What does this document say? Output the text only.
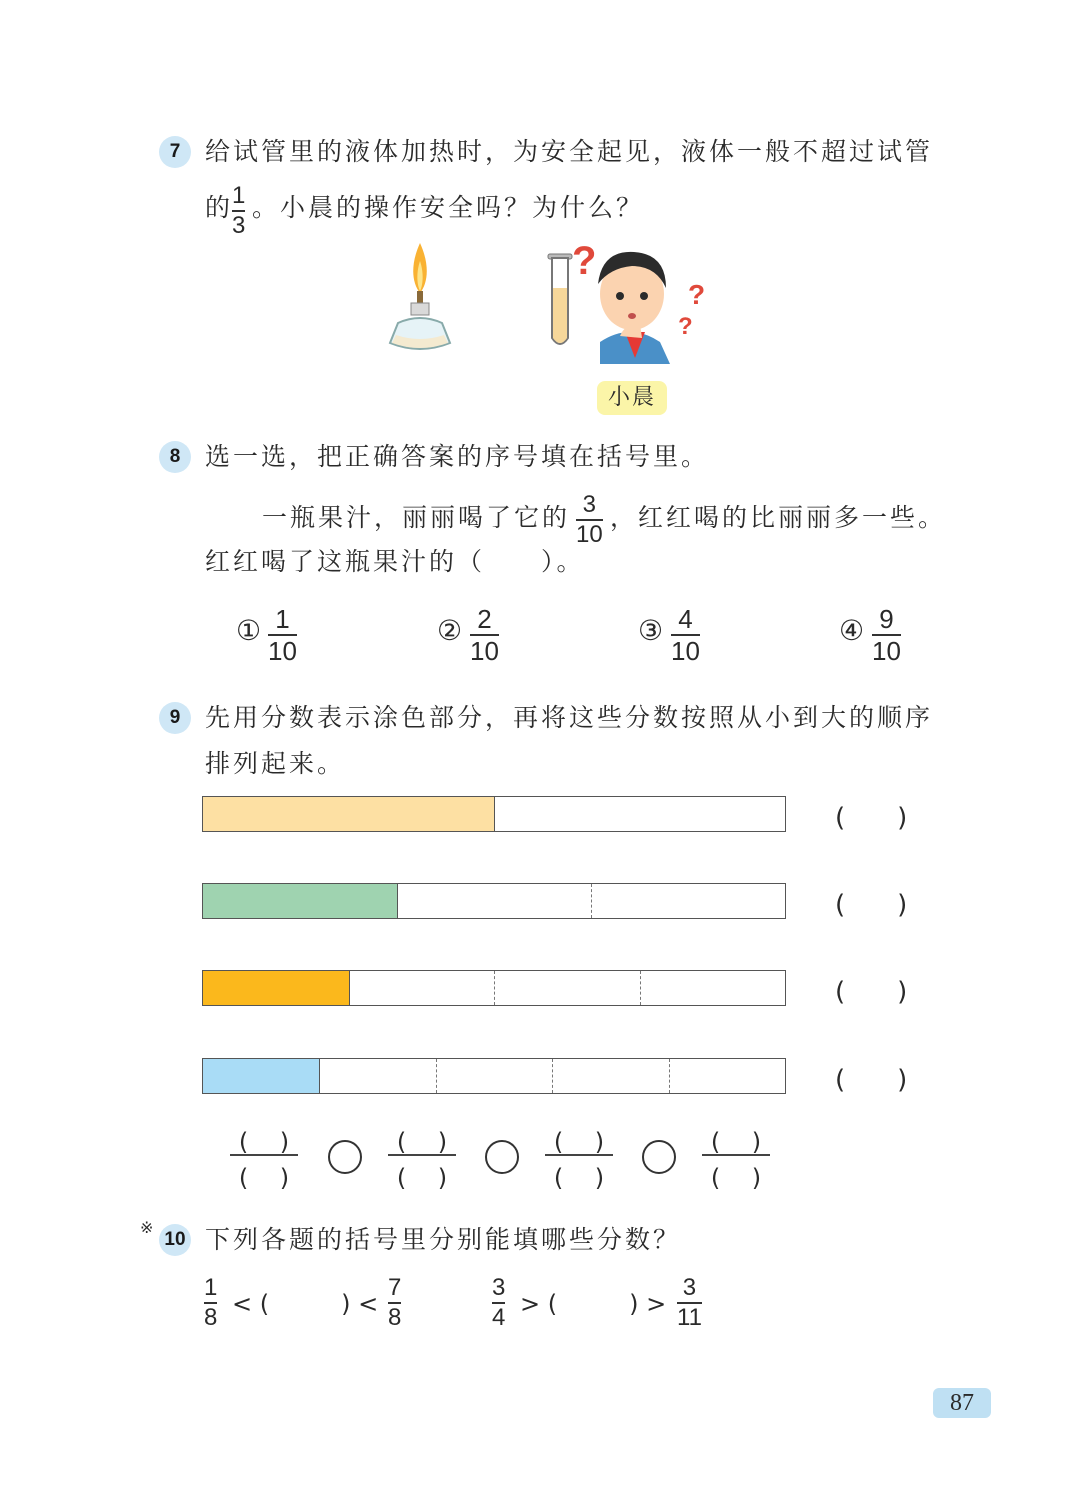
7 给试管里的液体加热时，为安全起见，液体一般不超过试管
的
1
3
。小晨的操作安全吗？为什么？
?
?
?
小晨
8 选一选，把正确答案的序号填在括号里。
一瓶果汁，丽丽喝了它的 3
10
，红红喝的比丽丽多一些。
红红喝了这瓶果汁的（　　）。
① 1
10
② 2
10
③ 4
10
④ 9
10
9 先用分数表示涂色部分，再将这些分数按照从小到大的顺序
排列起来。
(　　)
(　　)
(　　)
(　　)
(　 )
(　 )
(　 )
(　 )
(　 )
(　 )
(　 )
(　 )
※
10 下列各题的括号里分别能填哪些分数？
1
8 < (　　　) <
7
8
3
4 > (　　　) >
3
11
87
